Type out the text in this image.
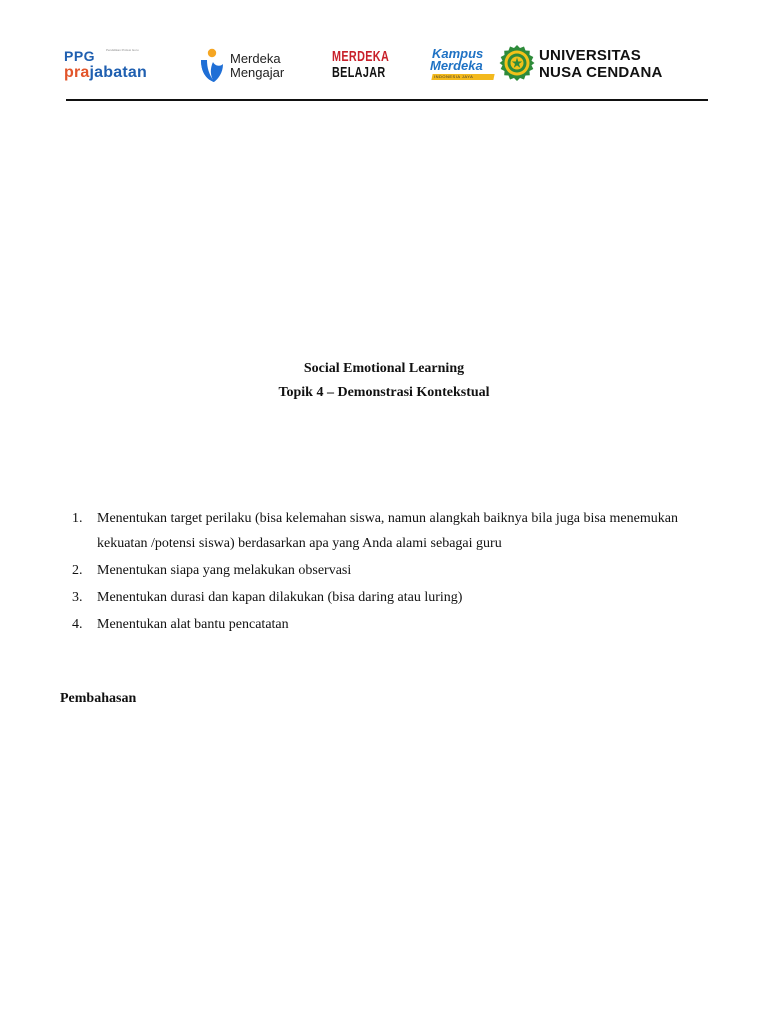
PPG	Pendidikan Profesi Guru
prajabatan
Merdeka
Mengajar
MERDEKA
BELAJAR
Kampus
Merdeka
INDONESIA JAYA
UNIVERSITAS
NUSA CENDANA
Social Emotional Learning
Topik 4 – Demonstrasi Kontekstual
1. Menentukan target perilaku (bisa kelemahan siswa, namun alangkah baiknya bila juga bisa menemukan kekuatan /potensi siswa) berdasarkan apa yang Anda alami sebagai guru
2. Menentukan siapa yang melakukan observasi
3. Menentukan durasi dan kapan dilakukan (bisa daring atau luring)
4. Menentukan alat bantu pencatatan
Pembahasan
